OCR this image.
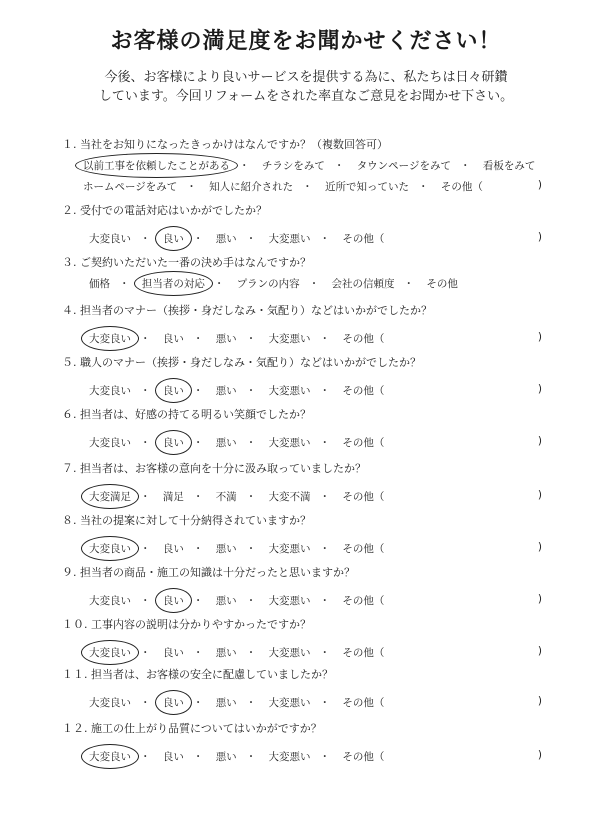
お客様の満足度をお聞かせください！
今後、お客様により良いサービスを提供する為に、私たちは日々研鑽
しています。今回リフォームをされた率直なご意見をお聞かせ下さい。
１. 当社をお知りになったきっかけはなんですか？（複数回答可）
以前工事を依頼したことがある ・ チラシをみて ・ タウンページをみて ・ 看板をみて
ホームページをみて ・ 知人に紹介された ・ 近所で知っていた ・ その他（	)
２. 受付での電話対応はいかがでしたか？
大変良い ・ 良い ・ 悪い ・ 大変悪い ・ その他（	)
３. ご契約いただいた一番の決め手はなんですか？
価格 ・ 担当者の対応 ・ プランの内容 ・ 会社の信頼度 ・ その他
４. 担当者のマナー（挨拶・身だしなみ・気配り）などはいかがでしたか？
大変良い ・ 良い ・ 悪い ・ 大変悪い ・ その他（	)
５. 職人のマナー（挨拶・身だしなみ・気配り）などはいかがでしたか？
大変良い ・ 良い ・ 悪い ・ 大変悪い ・ その他（	)
６. 担当者は、好感の持てる明るい笑顔でしたか？
大変良い ・ 良い ・ 悪い ・ 大変悪い ・ その他（	)
７. 担当者は、お客様の意向を十分に汲み取っていましたか？
大変満足 ・ 満足 ・ 不満 ・ 大変不満 ・ その他（	)
８. 当社の提案に対して十分納得されていますか？
大変良い ・ 良い ・ 悪い ・ 大変悪い ・ その他（	)
９. 担当者の商品・施工の知識は十分だったと思いますか？
大変良い ・ 良い ・ 悪い ・ 大変悪い ・ その他（	)
１０. 工事内容の説明は分かりやすかったですか？
大変良い ・ 良い ・ 悪い ・ 大変悪い ・ その他（	)
１１. 担当者は、お客様の安全に配慮していましたか？
大変良い ・ 良い ・ 悪い ・ 大変悪い ・ その他（	)
１２. 施工の仕上がり品質についてはいかがですか？
大変良い ・ 良い ・ 悪い ・ 大変悪い ・ その他（	)
